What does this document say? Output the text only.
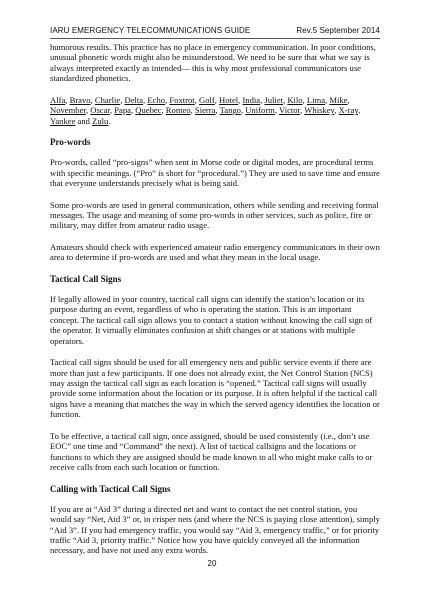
IARU EMERGENCY TELECOMMUNICATIONS GUIDE	Rev.5 September 2014

humorous results. This practice has no place in emergency communication. In poor conditions, unusual phonetic words might also be misunderstood. We need to be sure that what we say is always interpreted exactly as intended— this is why most professional communicators use standardized phonetics.

Alfa, Bravo, Charlie, Delta, Echo, Foxtrot, Golf, Hotel, India, Juliet, Kilo, Lima, Mike, November, Oscar, Papa, Quebec, Romeo, Sierra, Tango, Uniform, Victor, Whiskey, X-ray, Yankee and Zulu.

Pro-words

Pro-words, called “pro-signs” when sent in Morse code or digital modes, are procedural terms with specific meanings. (“Pro” is short for “procedural.”) They are used to save time and ensure that everyone understands precisely what is being said.

Some pro-words are used in general communication, others while sending and receiving formal messages. The usage and meaning of some pro-words in other services, such as police, fire or military, may differ from amateur radio usage.

Amateurs should check with experienced amateur radio emergency communicators in their own area to determine if pro-words are used and what they mean in the local usage.

Tactical Call Signs

If legally allowed in your country, tactical call signs can identify the station’s location or its purpose during an event, regardless of who is operating the station. This is an important concept. The tactical call sign allows you to contact a station without knowing the call sign of the operator. It virtually eliminates confusion at shift changes or at stations with multiple operators.

Tactical call signs should be used for all emergency nets and public service events if there are more than just a few participants. If one does not already exist, the Net Control Station (NCS) may assign the tactical call sign as each location is “opened.” Tactical call signs will usually provide some information about the location or its purpose. It is often helpful if the tactical call signs have a meaning that matches the way in which the served agency identifies the location or function.

To be effective, a tactical call sign, once assigned, should be used consistently (i.e., don’t use EOC” one time and “Command” the next). A list of tactical callsigns and the locations or functions to which they are assigned should be made known to all who might make calls to or receive calls from each such location or function.

Calling with Tactical Call Signs

If you are at “Aid 3” during a directed net and want to contact the net control station, you would say “Net, Aid 3” or, in crisper nets (and where the NCS is paying close attention), simply “Aid 3”. If you had emergency traffic, you would say “Aid 3, emergency traffic,” or for priority traffic “Aid 3, priority traffic.” Notice how you have quickly conveyed all the information necessary, and have not used any extra words.

20
